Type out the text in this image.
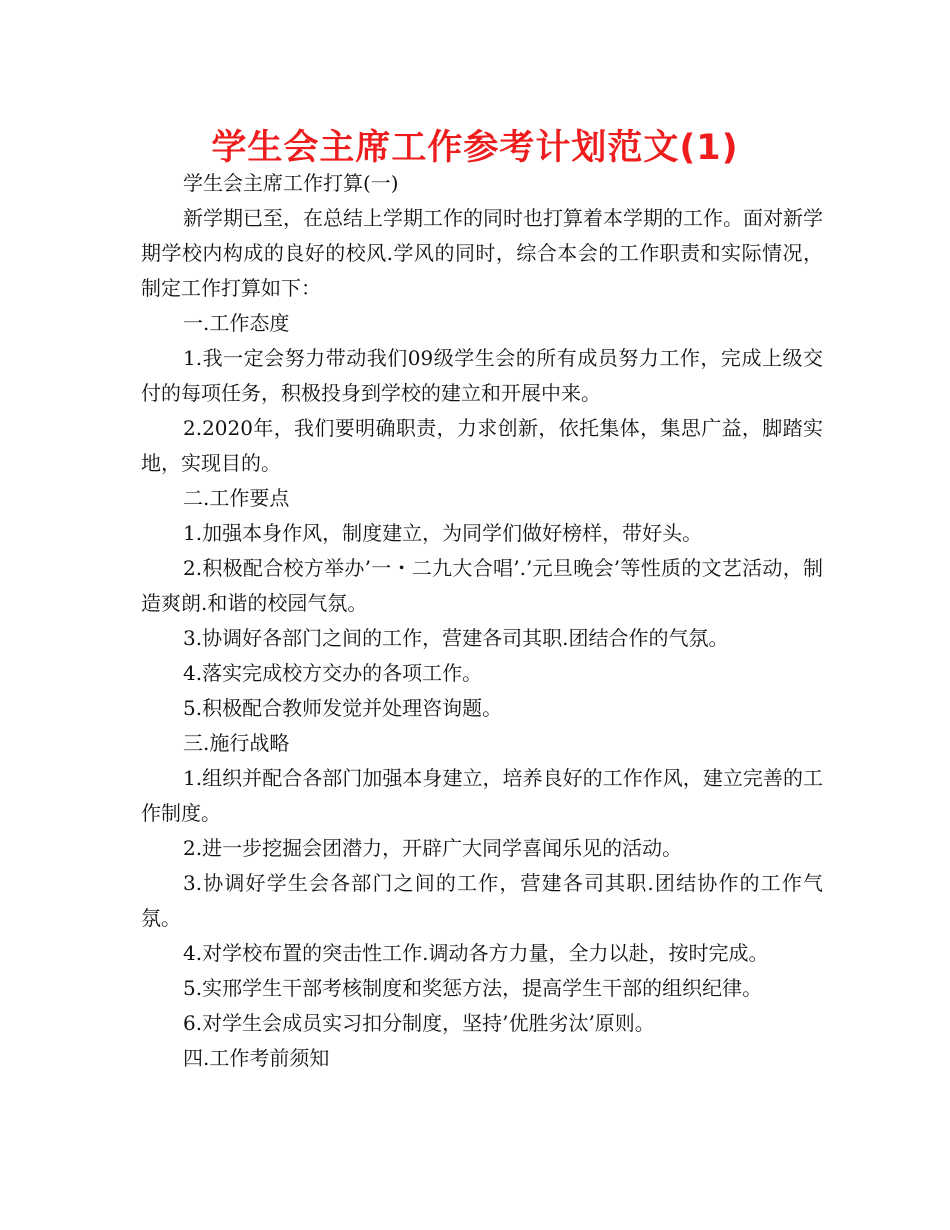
学生会主席工作参考计划范文(1)

学生会主席工作打算(一)

新学期已至，在总结上学期工作的同时也打算着本学期的工作。面对新学期学校内构成的良好的校风.学风的同时，综合本会的工作职责和实际情况，制定工作打算如下：

一.工作态度

1.我一定会努力带动我们09级学生会的所有成员努力工作，完成上级交付的每项任务，积极投身到学校的建立和开展中来。

2.2020年，我们要明确职责，力求创新，依托集体，集思广益，脚踏实地，实现目的。

二.工作要点

1.加强本身作风，制度建立，为同学们做好榜样，带好头。

2.积极配合校方举办’一・二九大合唱’.’元旦晚会’等性质的文艺活动，制造爽朗.和谐的校园气氛。

3.协调好各部门之间的工作，营建各司其职.团结合作的气氛。

4.落实完成校方交办的各项工作。

5.积极配合教师发觉并处理咨询题。

三.施行战略

1.组织并配合各部门加强本身建立，培养良好的工作作风，建立完善的工作制度。

2.进一步挖掘会团潜力，开辟广大同学喜闻乐见的活动。

3.协调好学生会各部门之间的工作，营建各司其职.团结协作的工作气氛。

4.对学校布置的突击性工作.调动各方力量，全力以赴，按时完成。

5.实邢学生干部考核制度和奖惩方法，提高学生干部的组织纪律。

6.对学生会成员实习扣分制度，坚持’优胜劣汰’原则。

四.工作考前须知
